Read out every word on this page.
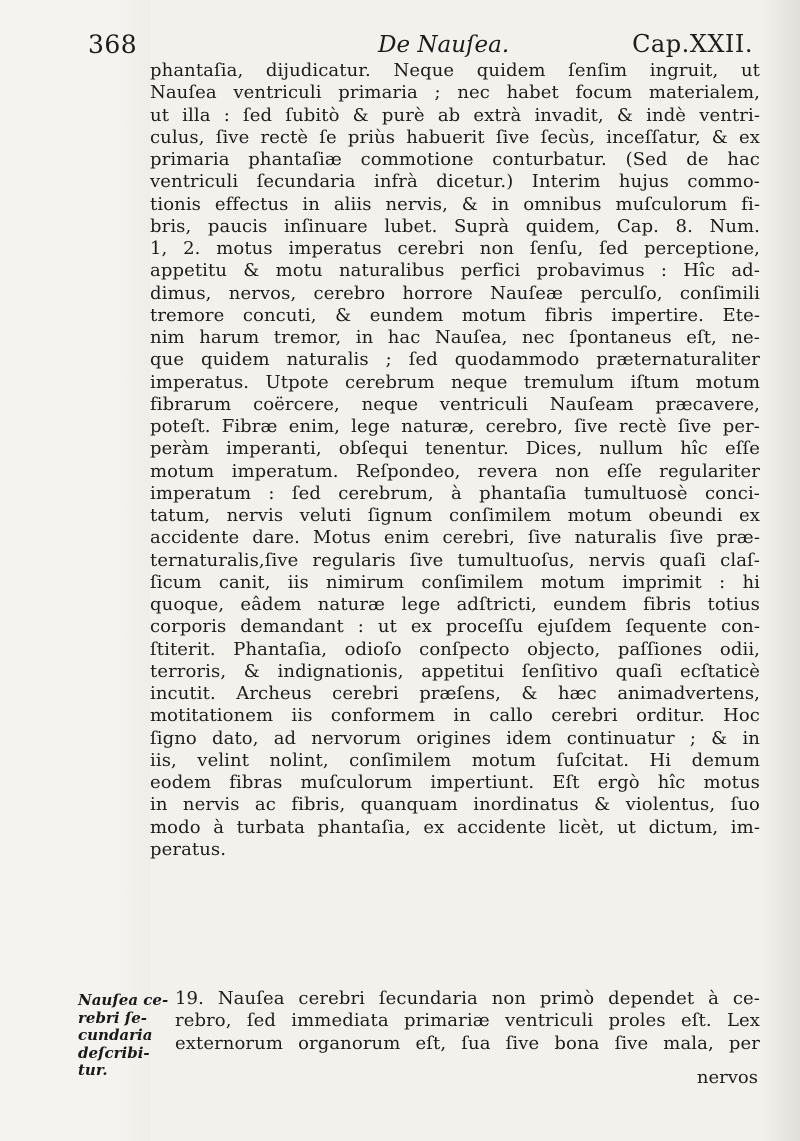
368	De Nauſea.	Cap.XXII.
phantaſia, dijudicatur. Neque quidem ſenſim ingruit, ut
Nauſea ventriculi primaria ; nec habet focum materialem,
ut illa : ſed ſubitò & purè ab extrà invadit, & indè ventri-
culus, ſive rectè ſe priùs habuerit ſive ſecùs, inceſſatur, & ex
primaria phantaſiæ commotione conturbatur. (Sed de hac
ventriculi ſecundaria infrà dicetur.) Interim hujus commo-
tionis effectus in aliis nervis, & in omnibus muſculorum fi-
bris, paucis inſinuare lubet. Suprà quidem, Cap. 8. Num.
1, 2. motus imperatus cerebri non ſenſu, ſed perceptione,
appetitu & motu naturalibus perfici probavimus : Hîc ad-
dimus, nervos, cerebro horrore Nauſeæ perculſo, conſimili
tremore concuti, & eundem motum fibris impertire. Ete-
nim harum tremor, in hac Nauſea, nec ſpontaneus eſt, ne-
que quidem naturalis ; ſed quodammodo præternaturaliter
imperatus. Utpote cerebrum neque tremulum iſtum motum
fibrarum coërcere, neque ventriculi Nauſeam præcavere,
poteſt. Fibræ enim, lege naturæ, cerebro, ſive rectè ſive per-
peràm imperanti, obſequi tenentur. Dices, nullum hîc eſſe
motum imperatum. Reſpondeo, revera non eſſe regulariter
imperatum : ſed cerebrum, à phantaſia tumultuosè conci-
tatum, nervis veluti ſignum conſimilem motum obeundi ex
accidente dare. Motus enim cerebri, ſive naturalis ſive præ-
ternaturalis,ſive regularis ſive tumultuoſus, nervis quaſi claſ-
ſicum canit, iis nimirum conſimilem motum imprimit : hi
quoque, eâdem naturæ lege adſtricti, eundem fibris totius
corporis demandant : ut ex proceſſu ejuſdem ſequente con-
ſtiterit. Phantaſia, odioſo conſpecto objecto, paſſiones odii,
terroris, & indignationis, appetitui ſenſitivo quaſi ecſtaticè
incutit. Archeus cerebri præſens, & hæc animadvertens,
motitationem iis conformem in callo cerebri orditur. Hoc
ſigno dato, ad nervorum origines idem continuatur ; & in
iis, velint nolint, conſimilem motum ſuſcitat. Hi demum
eodem fibras muſculorum impertiunt. Eſt ergò hîc motus
in nervis ac fibris, quanquam inordinatus & violentus, ſuo
modo à turbata phantaſia, ex accidente licèt, ut dictum, im-
peratus.
Nauſea ce-
rebri ſe-
cundaria
deſcribi-
tur.
19. Nauſea cerebri ſecundaria non primò dependet à ce-
rebro, ſed immediata primariæ ventriculi proles eſt. Lex
externorum organorum eſt, ſua ſive bona ſive mala, per
nervos
